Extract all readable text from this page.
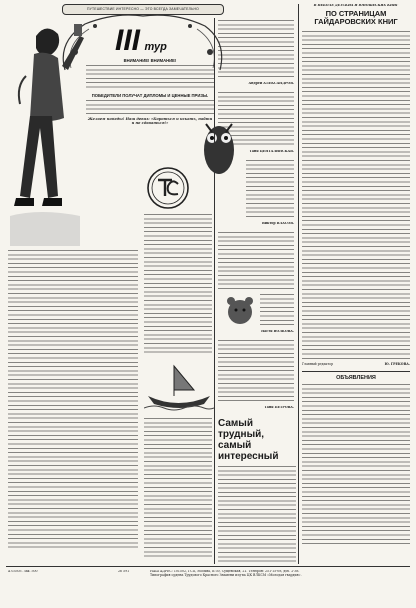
ПУТЕШЕСТВИЕ ИНТЕРЕСНО — ЭТО ВСЕГДА ЗАМЕЧАТЕЛЬНО
III тур
ВНИМАНИЕ! ВНИМАНИЕ!
ПОБЕДИТЕЛИ ПОЛУЧАТ ДИПЛОМЫ И ЦЕННЫЕ ПРИЗЫ.
Желаем победы! Наш девиз: «Бороться и искать, найти и не сдаваться!»
Андрей АЛЕКСАНДРОВ.
Таня ЦЕНТАЛИНСКАЯ.
Виктор ВЛАСОВ.
Настя ВОЛКОВА.
Таня ПЕТРОВА.
Самый
трудный,
самый
интересный
В НЕБОЛЕ ДЕТСКИХ И ЮНОШЕСКИХ КНИГ
ПО СТРАНИЦАМ ГАЙДАРОВСКИХ КНИГ
Главный редактор	Ю. ГРЕКОВА.
ОБЪЯВЛЕНИЯ
А 03505. Зак. 500	26 591	НАШ АДРЕС: 101502, ГСП, Москва, К-30, Сущёвская, 21. Телефон: 251-15-08, доб. 2-38.
Типография ордена Трудового Красного Знамени изд-ва ЦК ВЛКСМ «Молодая гвардия».
